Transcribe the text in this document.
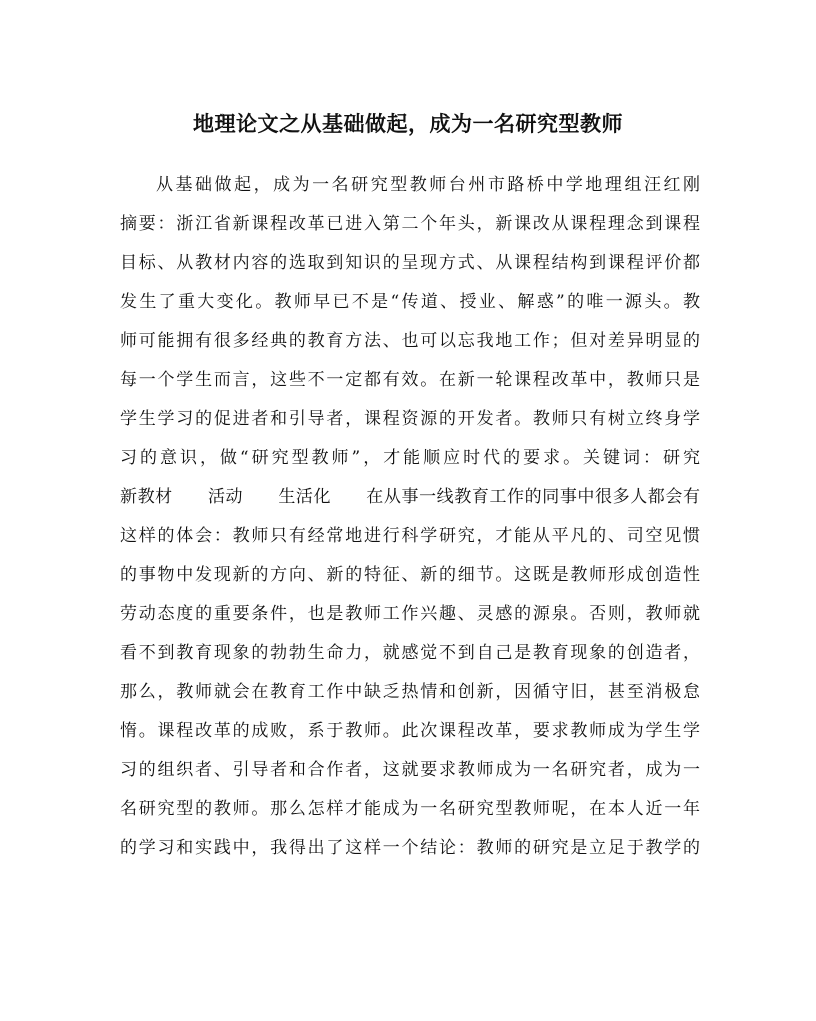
地理论文之从基础做起，成为一名研究型教师
从基础做起，成为一名研究型教师台州市路桥中学地理组汪红刚
摘要：浙江省新课程改革已进入第二个年头，新课改从课程理念到课程
目标、从教材内容的选取到知识的呈现方式、从课程结构到课程评价都
发生了重大变化。教师早已不是“传道、授业、解惑”的唯一源头。教
师可能拥有很多经典的教育方法、也可以忘我地工作；但对差异明显的
每一个学生而言，这些不一定都有效。在新一轮课程改革中，教师只是
学生学习的促进者和引导者，课程资源的开发者。教师只有树立终身学
习的意识，做“研究型教师”，才能顺应时代的要求。关键词：研究
新教材　　活动　　生活化　　在从事一线教育工作的同事中很多人都会有
这样的体会：教师只有经常地进行科学研究，才能从平凡的、司空见惯
的事物中发现新的方向、新的特征、新的细节。这既是教师形成创造性
劳动态度的重要条件，也是教师工作兴趣、灵感的源泉。否则，教师就
看不到教育现象的勃勃生命力，就感觉不到自己是教育现象的创造者，
那么，教师就会在教育工作中缺乏热情和创新，因循守旧，甚至消极怠
惰。课程改革的成败，系于教师。此次课程改革，要求教师成为学生学
习的组织者、引导者和合作者，这就要求教师成为一名研究者，成为一
名研究型的教师。那么怎样才能成为一名研究型教师呢，在本人近一年
的学习和实践中，我得出了这样一个结论：教师的研究是立足于教学的
